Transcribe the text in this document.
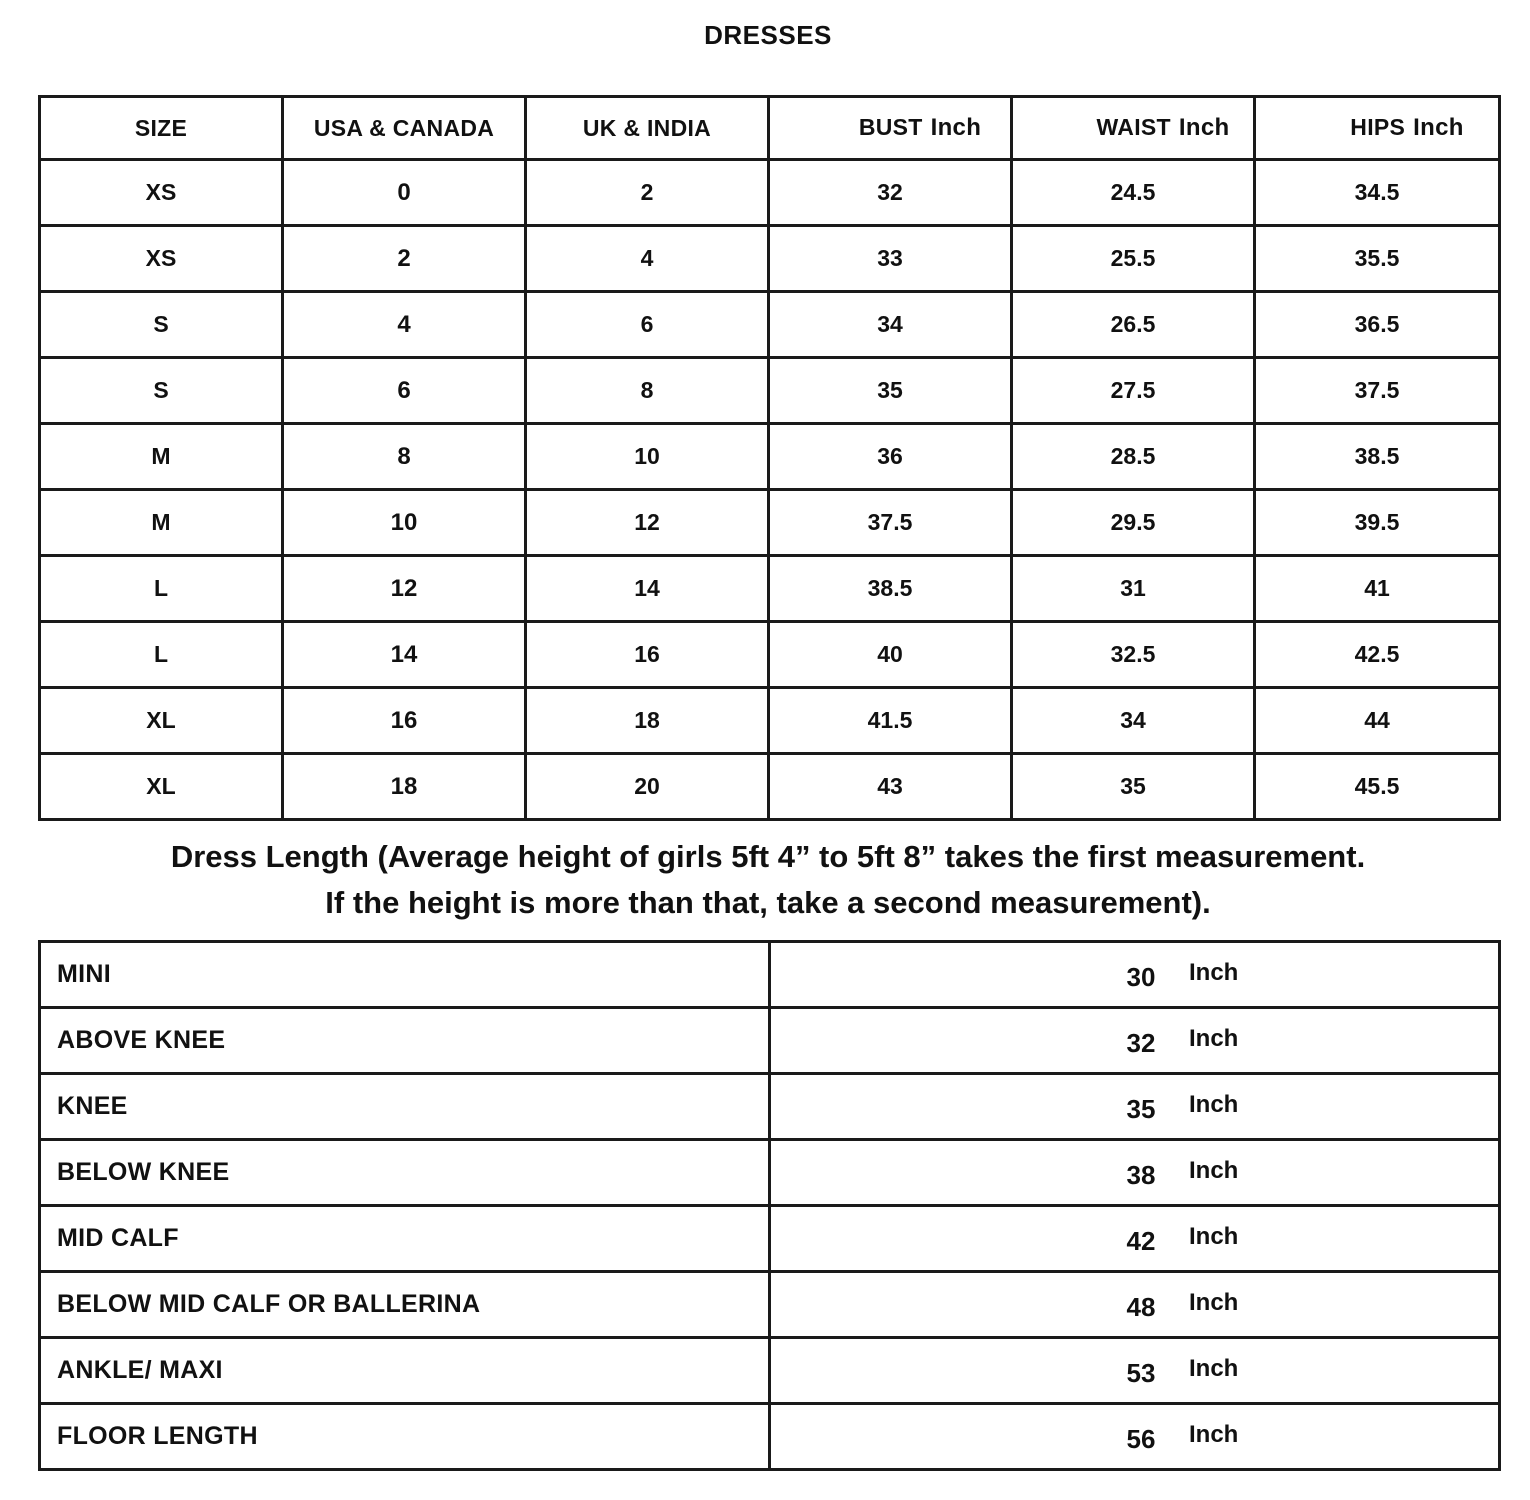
DRESSES
SIZE	USA & CANADA	UK & INDIA	BUST Inch	WAIST Inch	HIPS Inch
XS	0	2	32	24.5	34.5
XS	2	4	33	25.5	35.5
S	4	6	34	26.5	36.5
S	6	8	35	27.5	37.5
M	8	10	36	28.5	38.5
M	10	12	37.5	29.5	39.5
L	12	14	38.5	31	41
L	14	16	40	32.5	42.5
XL	16	18	41.5	34	44
XL	18	20	43	35	45.5
Dress Length (Average height of girls 5ft 4” to 5ft 8” takes the first measurement.
If the height is more than that, take a second measurement).
MINI	30 Inch
ABOVE KNEE	32 Inch
KNEE	35 Inch
BELOW KNEE	38 Inch
MID CALF	42 Inch
BELOW MID CALF OR BALLERINA	48 Inch
ANKLE/ MAXI	53 Inch
FLOOR LENGTH	56 Inch
